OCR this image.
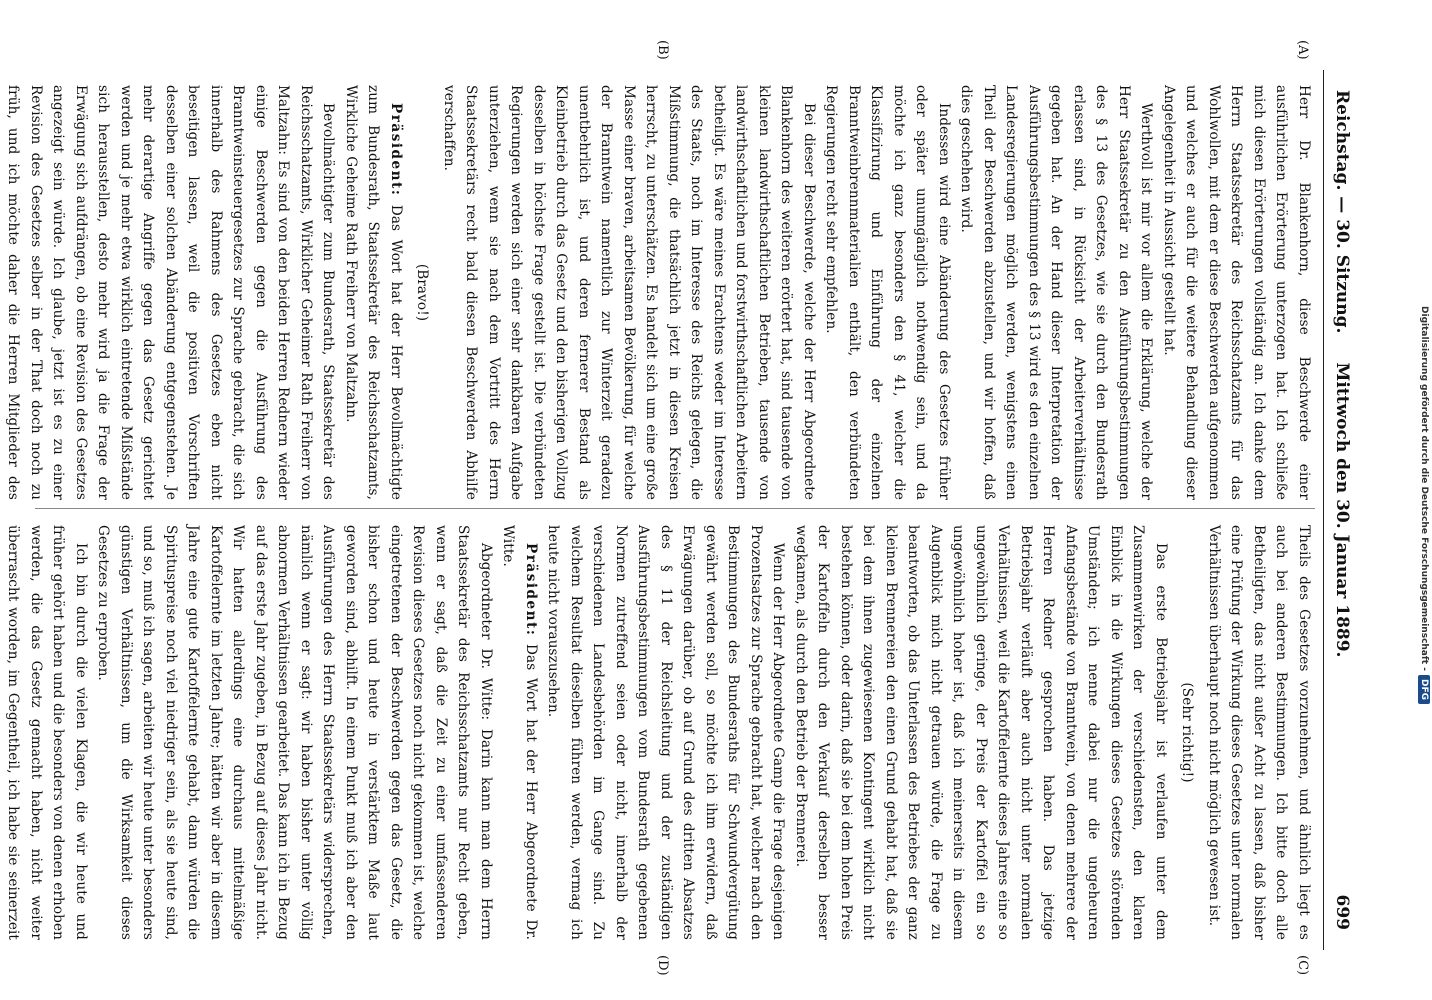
Reichstag. — 30. Sitzung.
Mittwoch den 30. Januar 1889.
699
(A)
(B)
(C)
(D)

Herr Dr. Blankenhorn, diese Beschwerde einer ausführlichen Erörterung unterzogen hat. Ich schließe mich diesen Erörterungen vollständig an. Ich danke dem Herrn Staatssekretär des Reichsschatzamts für das Wohlwollen, mit dem er diese Beschwerden aufgenommen und welches er auch für die weitere Behandlung dieser Angelegenheit in Aussicht gestellt hat.

Werthvoll ist mir vor allem die Erklärung, welche der Herr Staatssekretär zu den Ausführungsbestimmungen des § 13 des Gesetzes, wie sie durch den Bundesrath erlassen sind, in Rücksicht der Arbeiterverhältnisse gegeben hat. An der Hand dieser Interpretation der Ausführungsbestimmungen des § 13 wird es den einzelnen Landesregierungen möglich werden, wenigstens einen Theil der Beschwerden abzustellen, und wir hoffen, daß dies geschehen wird.

Indessen wird eine Abänderung des Gesetzes früher oder später unumgänglich nothwendig sein, und da möchte ich ganz besonders den § 41, welcher die Klassifizirung und Einführung der einzelnen Branntweinbrennmaterialien enthält, den verbündeten Regierungen recht sehr empfehlen.

Bei dieser Beschwerde, welche der Herr Abgeordnete Blankenhorn des weiteren erörtert hat, sind tausende von kleinen landwirthschaftlichen Betrieben, tausende von landwirthschaftlichen und forstwirthschaftlichen Arbeitern betheiligt. Es wäre meines Erachtens weder im Interesse des Staats, noch im Interesse des Reichs gelegen, die Mißstimmung, die thatsächlich jetzt in diesen Kreisen herrscht, zu unterschätzen. Es handelt sich um eine große Masse einer braven, arbeitsamen Bevölkerung, für welche der Branntwein namentlich zur Winterzeit geradezu unentbehrlich ist, und deren fernerer Bestand als Kleinbetrieb durch das Gesetz und den bisherigen Vollzug desselben in höchste Frage gestellt ist. Die verbündeten Regierungen werden sich einer sehr dankbaren Aufgabe unterziehen, wenn sie nach dem Vortritt des Herrn Staatssekretärs recht bald diesen Beschwerden Abhilfe verschaffen.

(Bravo!)

Präsident: Das Wort hat der Herr Bevollmächtigte zum Bundesrath, Staatssekretär des Reichsschatzamts, Wirkliche Geheime Rath Freiherr von Maltzahn.

Bevollmächtigter zum Bundesrath, Staatssekretär des Reichsschatzamts, Wirklicher Geheimer Rath Freiherr von Maltzahn: Es sind von den beiden Herren Rednern wieder einige Beschwerden gegen die Ausführung des Branntweinsteuergesetzes zur Sprache gebracht, die sich innerhalb des Rahmens des Gesetzes eben nicht beseitigen lassen, weil die positiven Vorschriften desselben einer solchen Abänderung entgegenstehen. Je mehr derartige Angriffe gegen das Gesetz gerichtet werden und je mehr etwa wirklich eintretende Mißstände sich herausstellen, desto mehr wird ja die Frage der Erwägung sich aufdrängen, ob eine Revision des Gesetzes angezeigt sein würde. Ich glaube, jetzt ist es zu einer Revision des Gesetzes selber in der That doch noch zu früh, und ich möchte daher die Herren Mitglieder des

Theils des Gesetzes vorzunehmen, und ähnlich liegt es auch bei anderen Bestimmungen. Ich bitte doch alle Betheiligten, das nicht außer Acht zu lassen, daß bisher eine Prüfung der Wirkung dieses Gesetzes unter normalen Verhältnissen überhaupt noch nicht möglich gewesen ist.

(Sehr richtig!)

Das erste Betriebsjahr ist verlaufen unter dem Zusammenwirken der verschiedensten, den klaren Einblick in die Wirkungen dieses Gesetzes störenden Umständen; ich nenne dabei nur die ungeheuren Anfangsbestände von Branntwein, von denen mehrere der Herren Redner gesprochen haben. Das jetzige Betriebsjahr verläuft aber auch nicht unter normalen Verhältnissen, weil die Kartoffelernte dieses Jahres eine so ungewöhnlich geringe, der Preis der Kartoffel ein so ungewöhnlich hoher ist, daß ich meinerseits in diesem Augenblick mich nicht getrauen würde, die Frage zu beantworten, ob das Unterlassen des Betriebes der ganz kleinen Brennereien den einen Grund gehabt hat, daß sie bei dem ihnen zugewiesenen Kontingent wirklich nicht bestehen können, oder darin, daß sie bei dem hohen Preis der Kartoffeln durch den Verkauf derselben besser wegkamen, als durch den Betrieb der Brennerei.

Wenn der Herr Abgeordnete Gamp die Frage desjenigen Prozentsatzes zur Sprache gebracht hat, welcher nach den Bestimmungen des Bundesraths für Schwundvergütung gewährt werden soll, so möchte ich ihm erwidern, daß Erwägungen darüber, ob auf Grund des dritten Absatzes des § 11 der Reichsleitung und der zuständigen Ausführungsbestimmungen vom Bundesrath gegebenen Normen zutreffend seien oder nicht, innerhalb der verschiedenen Landesbehörden im Gange sind. Zu welchem Resultat dieselben führen werden, vermag ich heute nicht vorauszusehen.

Präsident: Das Wort hat der Herr Abgeordnete Dr. Witte.

Abgeordneter Dr. Witte: Darin kann man dem Herrn Staatssekretär des Reichsschatzamts nur Recht geben, wenn er sagt, daß die Zeit zu einer umfassenderen Revision dieses Gesetzes noch nicht gekommen ist, welche eingetretenen der Beschwerden gegen das Gesetz, die bisher schon und heute in verstärktem Maße laut geworden sind, abhilft. In einem Punkt muß ich aber den Ausführungen des Herrn Staatssekretärs widersprechen, nämlich wenn er sagt: wir haben bisher unter völlig abnormen Verhältnissen gearbeitet. Das kann ich in Bezug auf das erste Jahr zugeben, in Bezug auf dieses Jahr nicht. Wir hatten allerdings eine durchaus mittelmäßige Kartoffelernte im letzten Jahre; hätten wir aber in diesem Jahre eine gute Kartoffelernte gehabt, dann würden die Spirituspreise noch viel niedriger sein, als sie heute sind, und so, muß ich sagen, arbeiten wir heute unter besonders günstigen Verhältnissen, um die Wirksamkeit dieses Gesetzes zu erproben.

Ich bin durch die vielen Klagen, die wir heute und früher gehört haben und die besonders von denen erhoben werden, die das Gesetz gemacht haben, nicht weiter überrascht worden, im Gegentheil, ich habe sie seinerzeit

Digitalisierung gefördert durch die Deutsche Forschungsgemeinschaft -DFG
